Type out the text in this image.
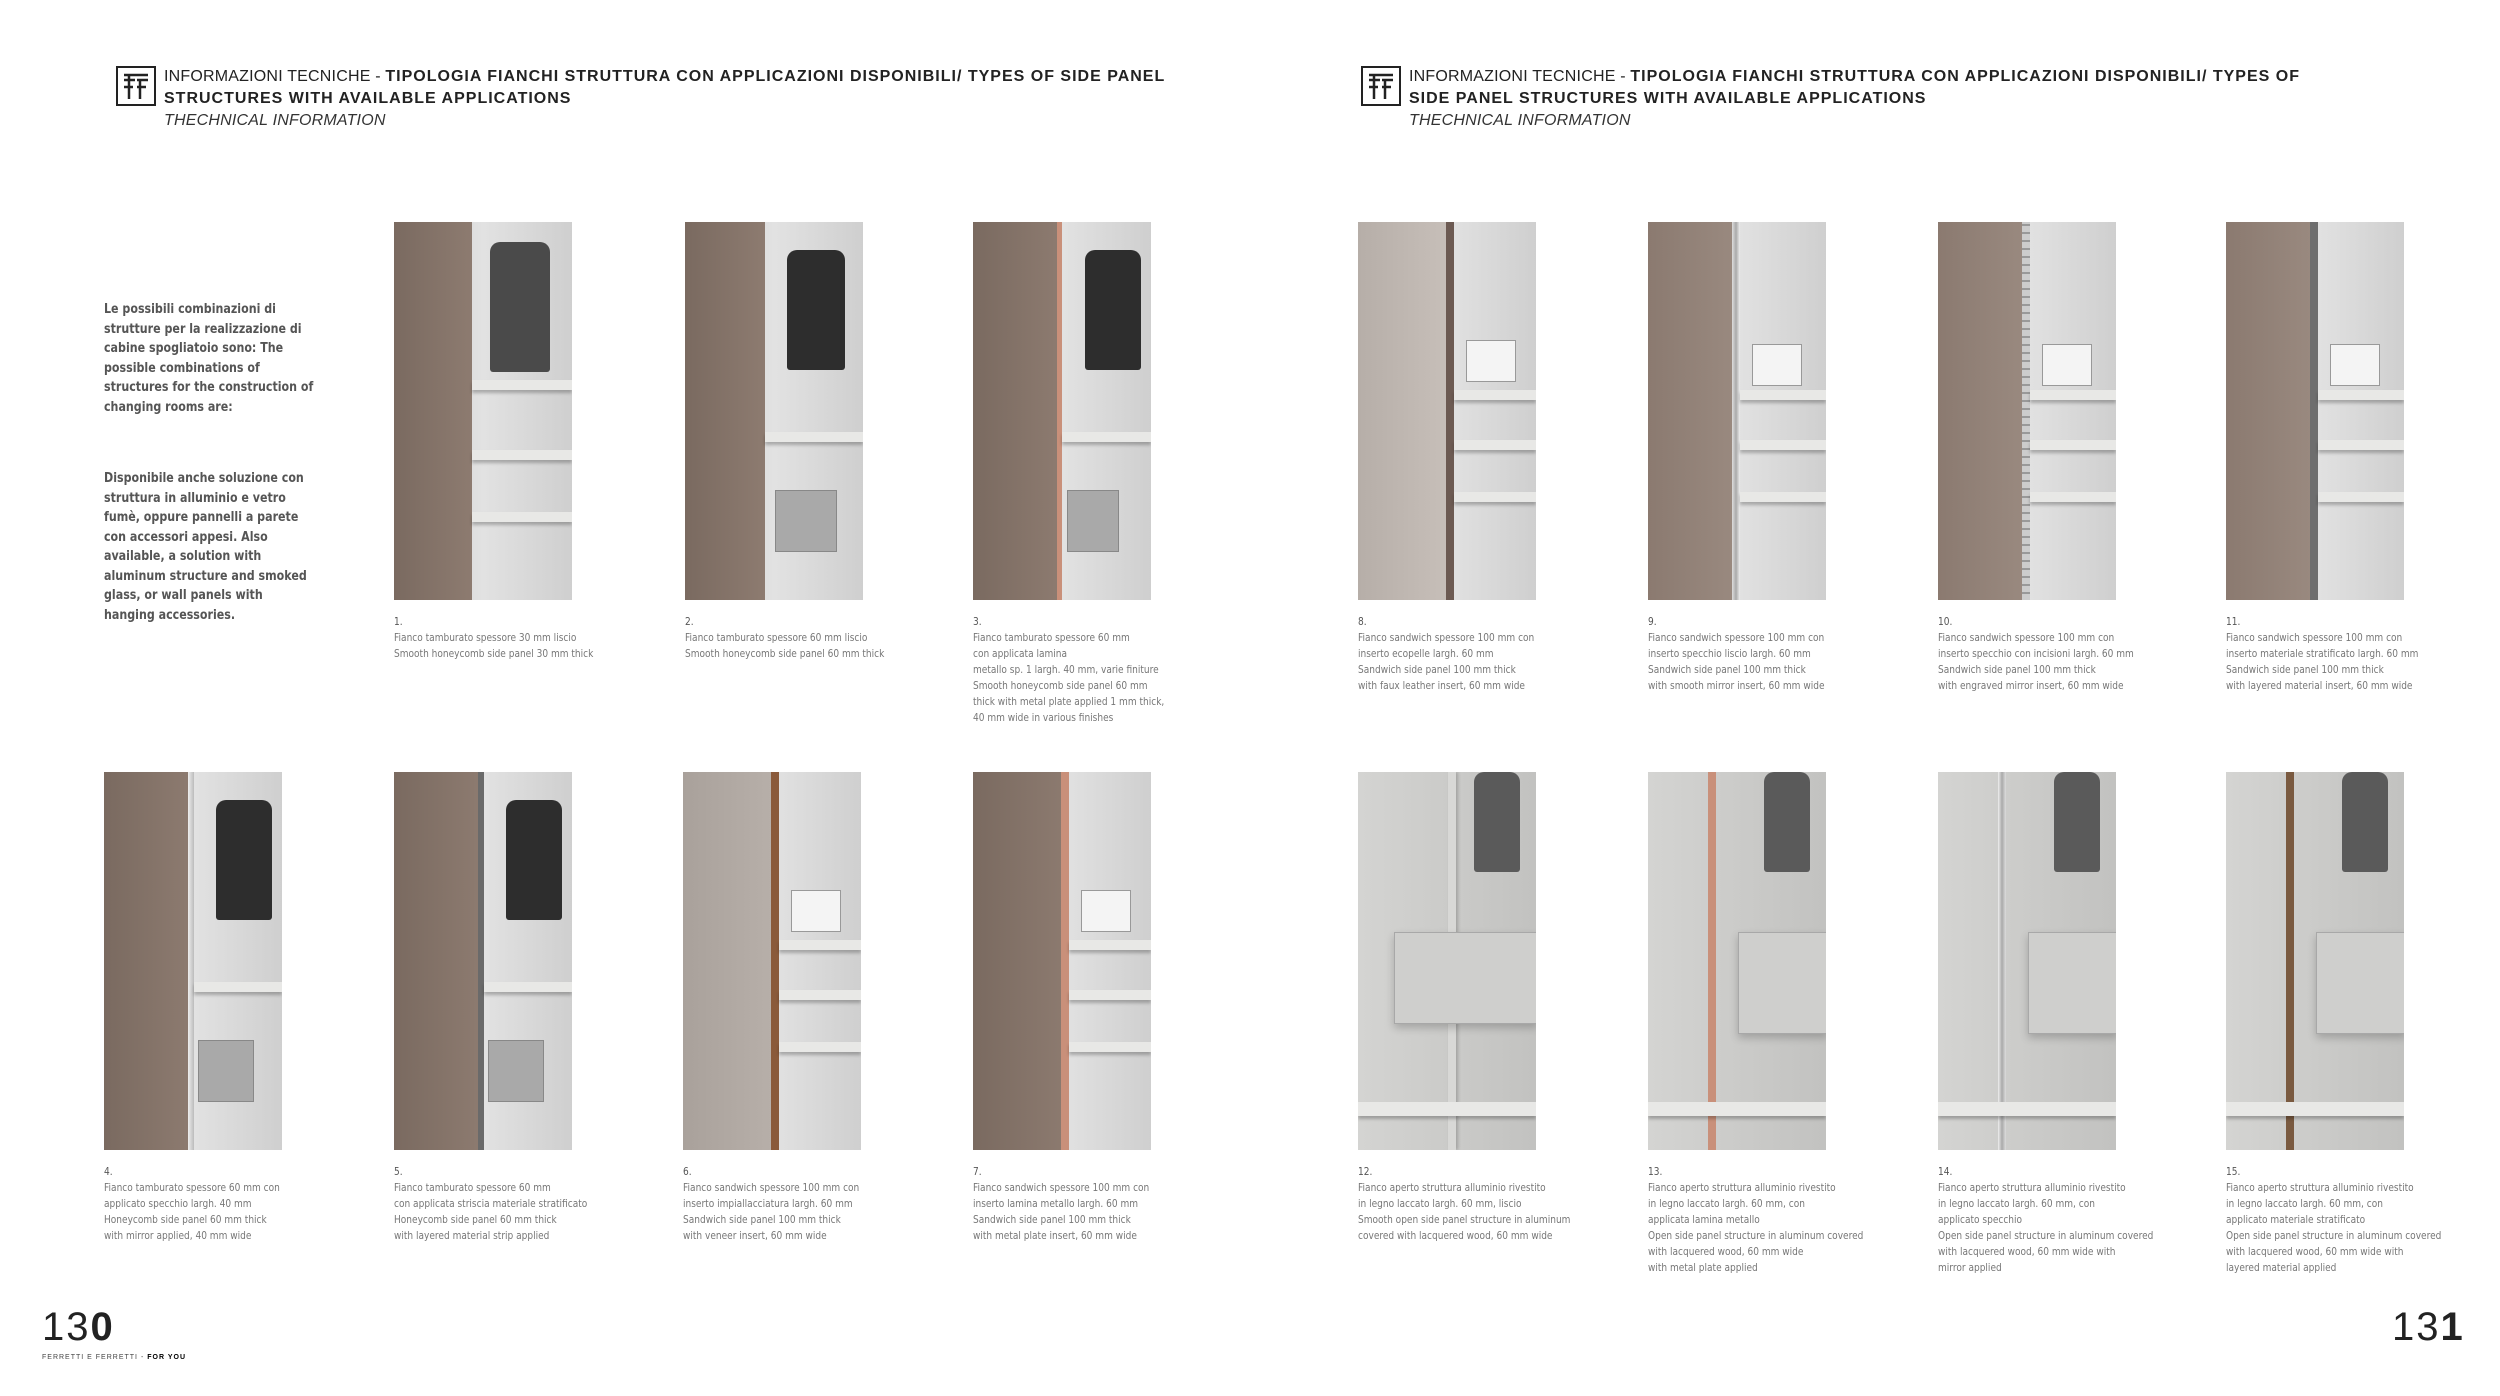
INFORMAZIONI TECNICHE - TIPOLOGIA FIANCHI STRUTTURA CON APPLICAZIONI DISPONIBILI/ TYPES OF SIDE PANEL
STRUCTURES WITH AVAILABLE APPLICATIONS
THECHNICAL INFORMATION
INFORMAZIONI TECNICHE - TIPOLOGIA FIANCHI STRUTTURA CON APPLICAZIONI DISPONIBILI/ TYPES OF
SIDE PANEL STRUCTURES WITH AVAILABLE APPLICATIONS
THECHNICAL INFORMATION

Le possibili combinazioni di strutture per la realizzazione di cabine spogliatoio sono: The possible combinations of structures for the construction of changing rooms are:

Disponibile anche soluzione con struttura in alluminio e vetro fumè, oppure pannelli a parete con accessori appesi. Also available, a solution with aluminum structure and smoked glass, or wall panels with hanging accessories.	1.
Fianco tamburato spessore 30 mm liscio
Smooth honeycomb side panel 30 mm thick
2.
Fianco tamburato spessore 60 mm liscio
Smooth honeycomb side panel 60 mm thick
3.
Fianco tamburato spessore 60 mm
con applicata lamina
metallo sp. 1 largh. 40 mm, varie finiture
Smooth honeycomb side panel 60 mm
thick with metal plate applied 1 mm thick,
40 mm wide in various finishes
8.
Fianco sandwich spessore 100 mm con
inserto ecopelle largh. 60 mm
Sandwich side panel 100 mm thick
with faux leather insert, 60 mm wide
9.
Fianco sandwich spessore 100 mm con
inserto specchio liscio largh. 60 mm
Sandwich side panel 100 mm thick
with smooth mirror insert, 60 mm wide
10.
Fianco sandwich spessore 100 mm con
inserto specchio con incisioni largh. 60 mm
Sandwich side panel 100 mm thick
with engraved mirror insert, 60 mm wide
11.
Fianco sandwich spessore 100 mm con
inserto materiale stratificato largh. 60 mm
Sandwich side panel 100 mm thick
with layered material insert, 60 mm wide
4.
Fianco tamburato spessore 60 mm con
applicato specchio largh. 40 mm
Honeycomb side panel 60 mm thick
with mirror applied, 40 mm wide
5.
Fianco tamburato spessore 60 mm
con applicata striscia materiale stratificato
Honeycomb side panel 60 mm thick
with layered material strip applied
6.
Fianco sandwich spessore 100 mm con
inserto impiallacciatura largh. 60 mm
Sandwich side panel 100 mm thick
with veneer insert, 60 mm wide
7.
Fianco sandwich spessore 100 mm con
inserto lamina metallo largh. 60 mm
Sandwich side panel 100 mm thick
with metal plate insert, 60 mm wide
12.
Fianco aperto struttura alluminio rivestito
in legno laccato largh. 60 mm, liscio
Smooth open side panel structure in aluminum
covered with lacquered wood, 60 mm wide
13.
Fianco aperto struttura alluminio rivestito
in legno laccato largh. 60 mm, con
applicata lamina metallo
Open side panel structure in aluminum covered
with lacquered wood, 60 mm wide
with metal plate applied
14.
Fianco aperto struttura alluminio rivestito
in legno laccato largh. 60 mm, con
applicato specchio
Open side panel structure in aluminum covered
with lacquered wood, 60 mm wide with
mirror applied
15.
Fianco aperto struttura alluminio rivestito
in legno laccato largh. 60 mm, con
applicato materiale stratificato
Open side panel structure in aluminum covered
with lacquered wood, 60 mm wide with
layered material applied
130
FERRETTI E FERRETTI - FOR YOU
131
